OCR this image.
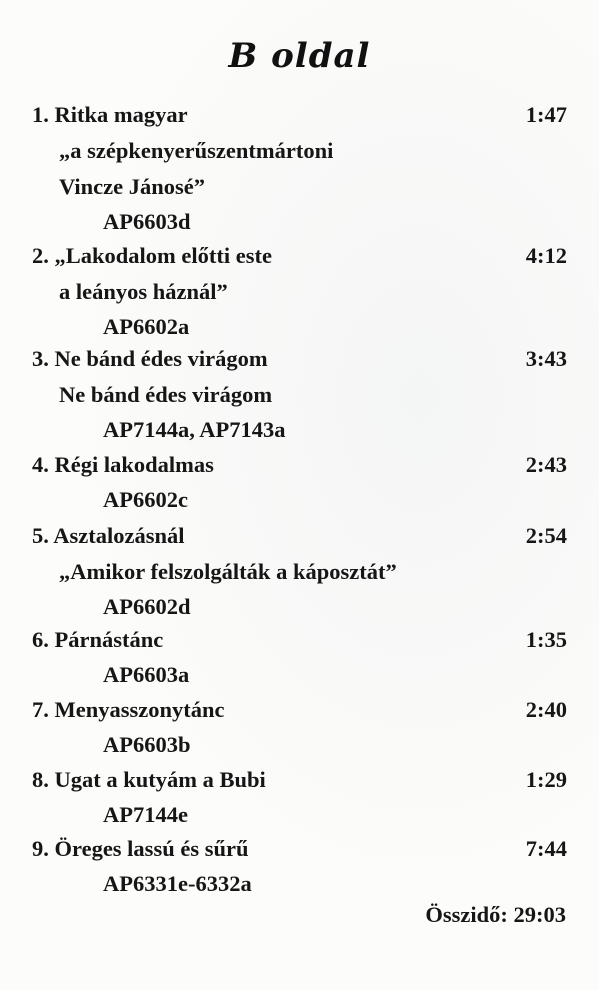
B oldal
1. Ritka magyar
„a szépkenyerűszentmártoni
Vincze Jánosé”
AP6603d
1:47
2. „Lakodalom előtti este
a leányos háznál”
AP6602a
4:12
3. Ne bánd édes virágom
Ne bánd édes virágom
AP7144a, AP7143a
3:43
4. Régi lakodalmas
AP6602c
2:43
5. Asztalozásnál
„Amikor felszolgálták a káposztát”
AP6602d
2:54
6. Párnástánc
AP6603a
1:35
7. Menyasszonytánc
AP6603b
2:40
8. Ugat a kutyám a Bubi
AP7144e
1:29
9. Öreges lassú és sűrű
AP6331e-6332a
7:44
Összidő: 29:03
